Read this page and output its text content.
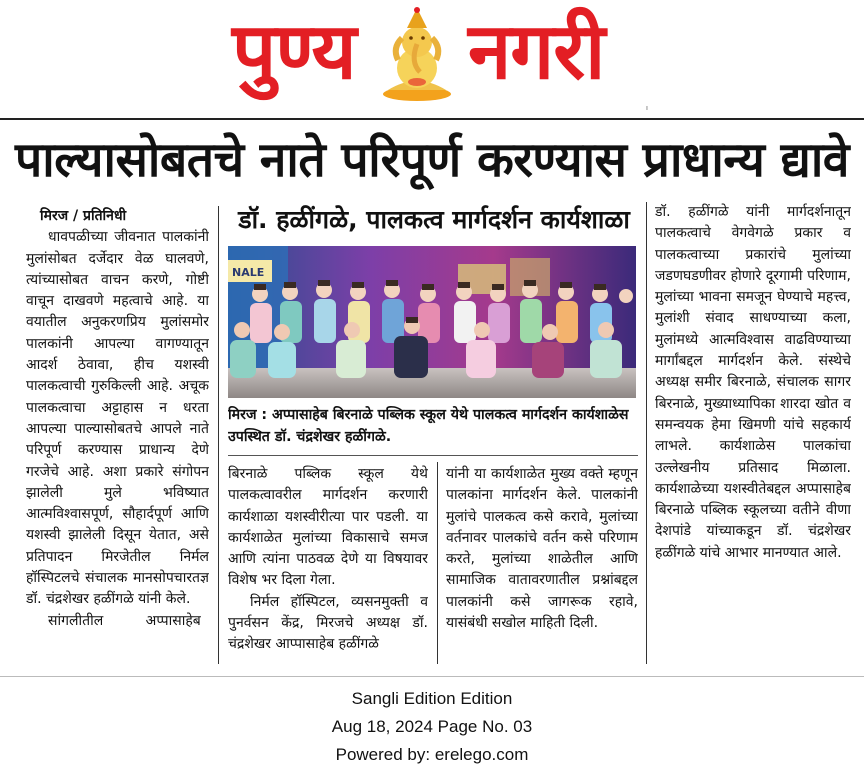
पुण्य नगरी
ı
पाल्यासोबतचे नाते परिपूर्ण करण्यास प्राधान्य द्यावे

मिरज / प्रतिनिधी

धावपळीच्या जीवनात पालकांनी मुलांसोबत दर्जेदार वेळ घालवणे, त्यांच्यासोबत वाचन करणे, गोष्टी वाचून दाखवणे महत्वाचे आहे. या वयातील अनुकरणप्रिय मुलांसमोर पालकांनी आपल्या वागण्यातून आदर्श ठेवावा, हीच यशस्वी पालकत्वाची गुरुकिल्ली आहे. अचूक पालकत्वाचा अट्टाहास न धरता आपल्या पाल्यासोबतचे आपले नाते परिपूर्ण करण्यास प्राधान्य देणे गरजेचे आहे. अशा प्रकारे संगोपन झालेली मुले भविष्यात आत्मविश्वासपूर्ण, सौहार्दपूर्ण आणि यशस्वी झालेली दिसून येतात, असे प्रतिपादन मिरजेतील निर्मल हॉस्पिटलचे संचालक मानसोपचारतज्ञ डॉ. चंद्रशेखर हळींगळे यांनी केले.

सांगलीतील अप्पासाहेब

डॉ. हळींगळे, पालकत्व मार्गदर्शन कार्यशाळा
NALE
मिरज : अप्पासाहेब बिरनाळे पब्लिक स्कूल येथे पालकत्व मार्गदर्शन कार्यशाळेस उपस्थित डॉ. चंद्रशेखर हळींगळे.

बिरनाळे पब्लिक स्कूल येथे पालकत्वावरील मार्गदर्शन करणारी कार्यशाळा यशस्वीरीत्या पार पडली. या कार्यशाळेत मुलांच्या विकासाचे समज आणि त्यांना पाठवळ देणे या विषयावर विशेष भर दिला गेला.

निर्मल हॉस्पिटल, व्यसनमुक्ती व पुनर्वसन केंद्र, मिरजचे अध्यक्ष डॉ. चंद्रशेखर आप्पासाहेब हळींगळे

यांनी या कार्यशाळेत मुख्य वक्ते म्हणून पालकांना मार्गदर्शन केले. पालकांनी मुलांचे पालकत्व कसे करावे, मुलांच्या वर्तनावर पालकांचे वर्तन कसे परिणाम करते, मुलांच्या शाळेतील आणि सामाजिक वातावरणातील प्रश्नांबद्दल पालकांनी कसे जागरूक रहावे, यासंबंधी सखोल माहिती दिली.

डॉ. हळींगळे यांनी मार्गदर्शनातून पालकत्वाचे वेगवेगळे प्रकार व पालकत्वाच्या प्रकारांचे मुलांच्या जडणघडणीवर होणारे दूरगामी परिणाम, मुलांच्या भावना समजून घेण्याचे महत्त्व, मुलांशी संवाद साधण्याच्या कला, मुलांमध्ये आत्मविश्वास वाढविण्याच्या मार्गांबद्दल मार्गदर्शन केले. संस्थेचे अध्यक्ष समीर बिरनाळे, संचालक सागर बिरनाळे, मुख्याध्यापिका शारदा खोत व समन्वयक हेमा खिमणी यांचे सहकार्य लाभले. कार्यशाळेस पालकांचा उल्लेखनीय प्रतिसाद मिळाला. कार्यशाळेच्या यशस्वीतेबद्दल अप्पासाहेब बिरनाळे पब्लिक स्कूलच्या वतीने वीणा देशपांडे यांच्याकडून डॉ. चंद्रशेखर हळींगळे यांचे आभार मानण्यात आले.

Sangli Edition Edition
Aug 18, 2024 Page No. 03
Powered by: erelego.com
